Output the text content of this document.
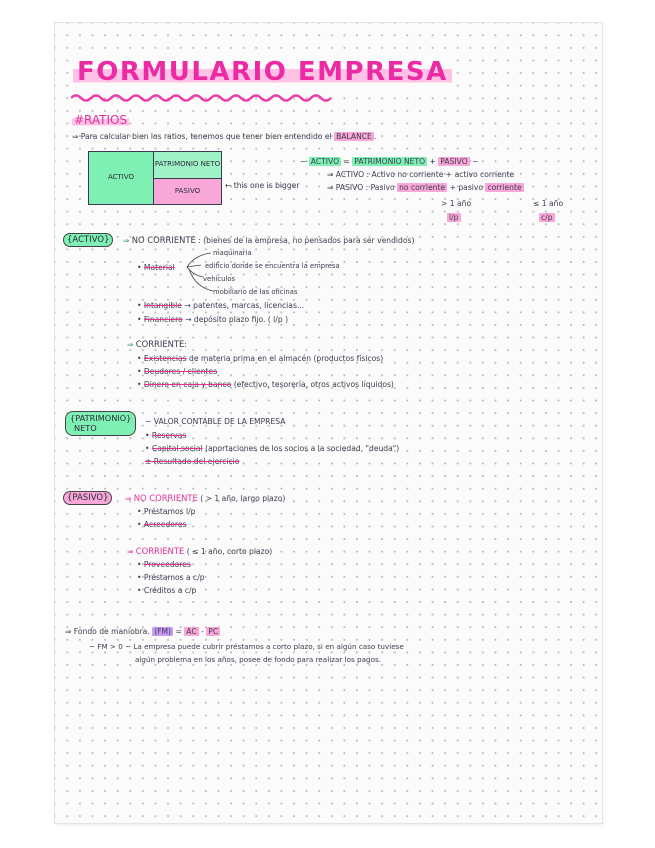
FORMULARIO EMPRESA
#RATIOS
⇒ Para calcular bien los ratios, tenemos que tener bien entendido el BALANCE .
ACTIVO
PATRIMONIO NETO
PASIVO
← this one is bigger
~ ACTIVO = PATRIMONIO NETO + PASIVO ~
⇒ ACTIVO : Activo no corriente + activo corriente
⇒ PASIVO : Pasivo no corriente + pasivo corriente
> 1 año
l/p
≤ 1 año
c/p
{ACTIVO}	⇒ NO CORRIENTE : (bienes de la empresa, no pensados para ser vendidos)
maquinaria
edificio donde se encuentra la empresa
• Material
vehículos
mobiliario de las oficinas
• Intangible → patentes, marcas, licencias...
• Financiero → depósito plazo fijo. ( l/p )
⇒ CORRIENTE:
• Existencias de materia prima en el almacén (productos físicos)
• Deudores / clientes
• Dinero en caja y banco (efectivo, tesorería, otros activos líquidos)
{PATRIMONIO}
NETO
~ VALOR CONTABLE DE LA EMPRESA
• Reservas
• Capital social (aportaciones de los socios a la sociedad, "deuda")
± Resultado del ejercicio
{PASIVO}	⇒ NO CORRIENTE ( > 1 año, largo plazo)
• Préstamos l/p
• Acreedores
⇒ CORRIENTE ( ≤ 1 año, corto plazo)
• Proveedores
• Préstamos a c/p
• Créditos a c/p
⇒ Fondo de maniobra. (FM) = AC - PC
~ FM > 0 ~ La empresa puede cubrir préstamos a corto plazo, si en algún caso tuviese
algún problema en los años, posee de fondo para realizar los pagos.
